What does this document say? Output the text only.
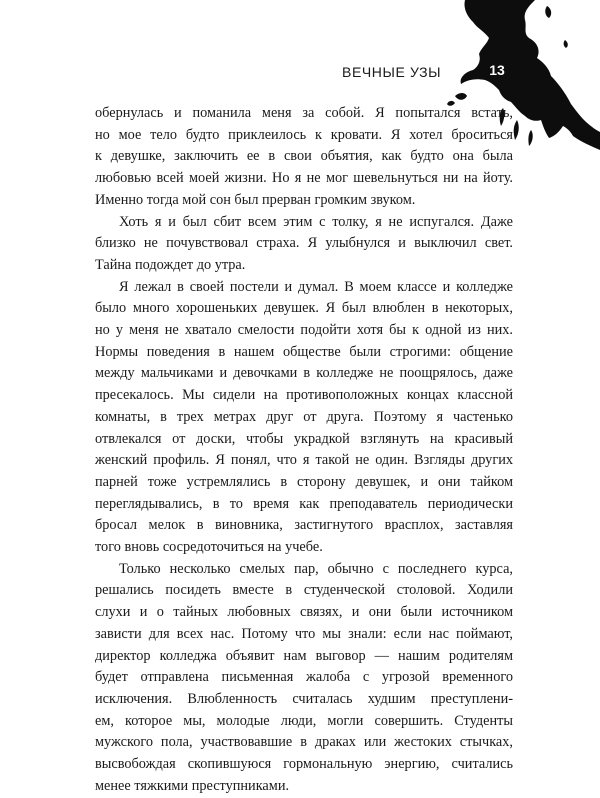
ВЕЧНЫЕ УЗЫ	13

обернулась и поманила меня за собой. Я попытался встать,
но мое тело будто приклеилось к кровати. Я хотел броситься
к девушке, заключить ее в свои объятия, как будто она была
любовью всей моей жизни. Но я не мог шевельнуться ни на йоту.
Именно тогда мой сон был прерван громким звуком.

Хоть я и был сбит всем этим с толку, я не испугался. Даже
близко не почувствовал страха. Я улыбнулся и выключил свет.
Тайна подождет до утра.

Я лежал в своей постели и думал. В моем классе и колледже
было много хорошеньких девушек. Я был влюблен в некоторых,
но у меня не хватало смелости подойти хотя бы к одной из них.
Нормы поведения в нашем обществе были строгими: общение
между мальчиками и девочками в колледже не поощрялось, даже
пресекалось. Мы сидели на противоположных концах классной
комнаты, в трех метрах друг от друга. Поэтому я частенько
отвлекался от доски, чтобы украдкой взглянуть на красивый
женский профиль. Я понял, что я такой не один. Взгляды других
парней тоже устремлялись в сторону девушек, и они тайком
переглядывались, в то время как преподаватель периодически
бросал мелок в виновника, застигнутого врасплох, заставляя
того вновь сосредоточиться на учебе.

Только несколько смелых пар, обычно с последнего курса,
решались посидеть вместе в студенческой столовой. Ходили
слухи и о тайных любовных связях, и они были источником
зависти для всех нас. Потому что мы знали: если нас поймают,
директор колледжа объявит нам выговор — нашим родителям
будет отправлена письменная жалоба с угрозой временного
исключения. Влюбленность считалась худшим преступлени-
ем, которое мы, молодые люди, могли совершить. Студенты
мужского пола, участвовавшие в драках или жестоких стычках,
высвобождая скопившуюся гормональную энергию, считались
менее тяжкими преступниками.
